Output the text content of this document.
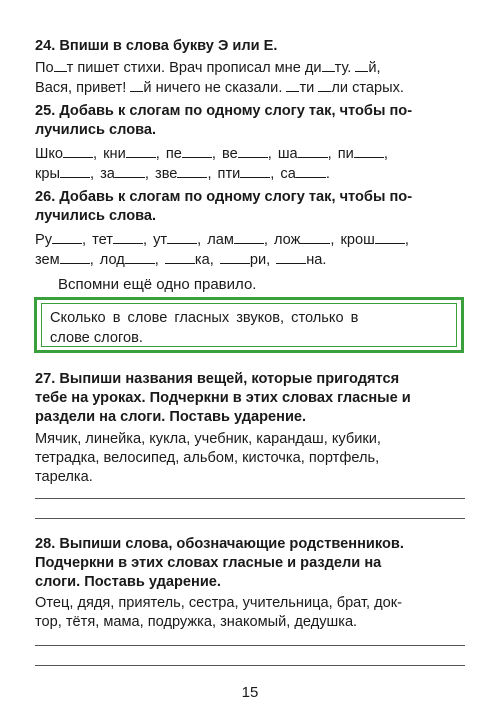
24. Впиши в слова букву Э или Е.
По т пишет стихи. Врач прописал мне ди ту. й,
Вася, привет! й ничего не сказали. ти ли старых.
25. Добавь к слогам по одному слогу так, чтобы по-
лучились слова.
Шко , кни , пе , ве , ша , пи ,
кры , за , зве , пти , са .
26. Добавь к слогам по одному слогу так, чтобы по-
лучились слова.
Ру , тет , ут , лам , лож , крош ,
зем , лод , ка, ри, на.
Вспомни ещё одно правило.
Сколько в слове гласных звуков, столько в
слове слогов.
27. Выпиши названия вещей, которые пригодятся
тебе на уроках. Подчеркни в этих словах гласные и
раздели на слоги. Поставь ударение.
Мячик, линейка, кукла, учебник, карандаш, кубики,
тетрадка, велосипед, альбом, кисточка, портфель,
тарелка.
28. Выпиши слова, обозначающие родственников.
Подчеркни в этих словах гласные и раздели на
слоги. Поставь ударение.
Отец, дядя, приятель, сестра, учительница, брат, док-
тор, тётя, мама, подружка, знакомый, дедушка.
15
